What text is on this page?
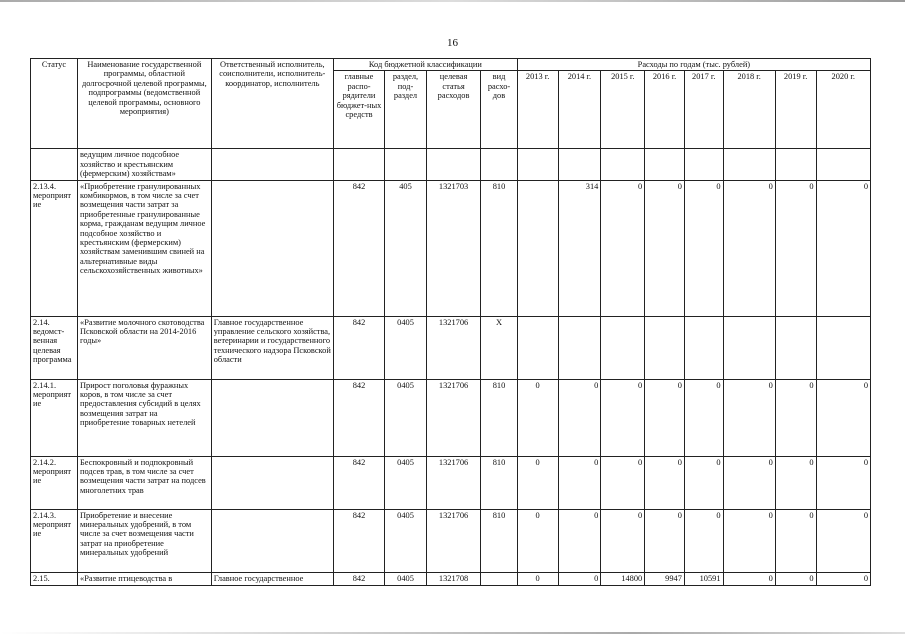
16
Статус	Наименование государственной программы, областной долгосрочной целевой программы, подпрограммы (ведомственной целевой программы, основного мероприятия)	Ответственный исполнитель, соисполнители, исполнитель-координатор, исполнитель	Код бюджетной классификации				Расходы по годам (тыс. рублей)							
			главные распо-рядители бюджет-ных средств	раздел, под-раздел	целевая статья расходов	вид расхо-дов	2013 г.	2014 г.	2015 г.	2016 г.	2017 г.	2018 г.	2019 г.	2020 г.
	ведущим личное подсобное хозяйство и крестьянским (фермерским) хозяйствам»													
2.13.4. мероприятие	«Приобретение гранулированных комбикормов, в том числе за счет возмещения части затрат за приобретенные гранулированные корма, гражданам ведущим личное подсобное хозяйство и крестьянским (фермерским) хозяйствам заменившим свиней на альтернативные виды сельскохозяйственных животных»		842	405	1321703	810		314	0	0	0	0	0	0
2.14. ведомст-венная целевая программа	«Развитие молочного скотоводства Псковской области на 2014-2016 годы»	Главное государственное управление сельского хозяйства, ветеринарии и государственного технического надзора Псковской области	842	0405	1321706	Х								
2.14.1. мероприятие	Прирост поголовья фуражных коров, в том числе за счет предоставления субсидий в целях возмещения затрат на приобретение товарных нетелей		842	0405	1321706	810	0	0	0	0	0	0	0	0
2.14.2. мероприятие	Беспокровный и подпокровный подсев трав, в том числе за счет возмещения части затрат на подсев многолетних трав		842	0405	1321706	810	0	0	0	0	0	0	0	0
2.14.3. мероприятие	Приобретение и внесение минеральных удобрений, в том числе за счет возмещения части затрат на приобретение минеральных удобрений		842	0405	1321706	810	0	0	0	0	0	0	0	0
2.15.	«Развитие птицеводства в	Главное государственное	842	0405	1321708		0	0	14800	9947	10591	0	0	0
